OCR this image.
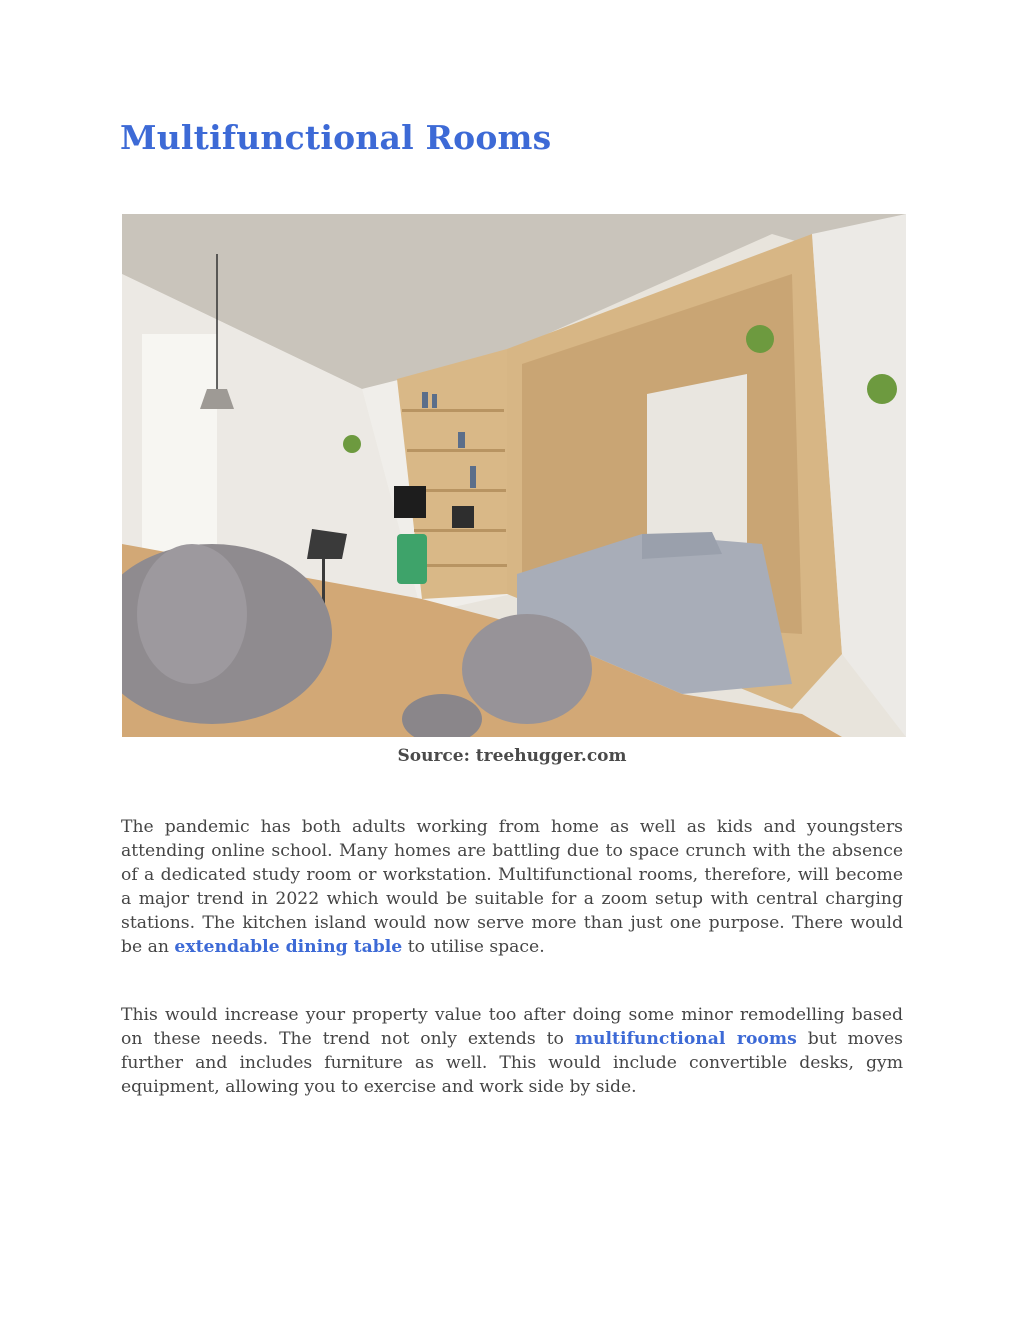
Multifunctional Rooms
Source: treehugger.com

The pandemic has both adults working from home as well as kids and youngsters attending online school. Many homes are battling due to space crunch with the absence of a dedicated study room or workstation. Multifunctional rooms, therefore, will become a major trend in 2022 which would be suitable for a zoom setup with central charging stations. The kitchen island would now serve more than just one purpose. There would be an extendable dining table to utilise space.

This would increase your property value too after doing some minor remodelling based on these needs. The trend not only extends to multifunctional rooms but moves further and includes furniture as well. This would include convertible desks, gym equipment, allowing you to exercise and work side by side.
